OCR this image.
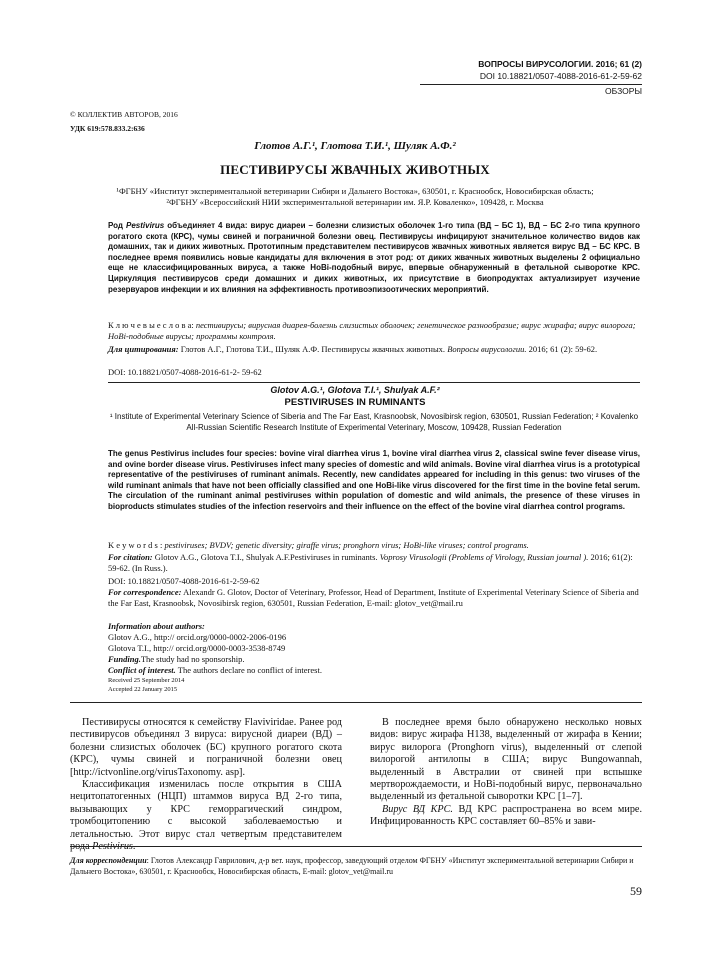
ВОПРОСЫ ВИРУСОЛОГИИ. 2016; 61 (2)
DOI 10.18821/0507-4088-2016-61-2-59-62
ОБЗОРЫ
© КОЛЛЕКТИВ АВТОРОВ, 2016
УДК 619:578.833.2:636
Глотов А.Г.¹, Глотова Т.И.¹, Шуляк А.Ф.²
ПЕСТИВИРУСЫ ЖВАЧНЫХ ЖИВОТНЫХ
¹ФГБНУ «Институт экспериментальной ветеринарии Сибири и Дальнего Востока», 630501, г. Краснообск, Новосибирская область;
²ФГБНУ «Всероссийский НИИ экспериментальной ветеринарии им. Я.Р. Коваленко», 109428, г. Москва
Род Pestivirus объединяет 4 вида: вирус диареи – болезни слизистых оболочек 1-го типа (ВД – БС 1), ВД – БС 2-го типа крупного рогатого скота (КРС), чумы свиней и пограничной болезни овец. Пестивирусы инфицируют значительное количество видов как домашних, так и диких животных. Прототипным представителем пестивирусов жвачных животных является вирус ВД – БС КРС. В последнее время появились новые кандидаты для включения в этот род: от диких жвачных животных выделены 2 официально еще не классифицированных вируса, а также HoBi-подобный вирус, впервые обнаруженный в фетальной сыворотке КРС. Циркуляция пестивирусов среди домашних и диких животных, их присутствие в биопродуктах актуализирует изучение резервуаров инфекции и их влияния на эффективность противоэпизоотических мероприятий.
К л ю ч е в ы е с л о в а: пестивирусы; вирусная диарея-болезнь слизистых оболочек; генетическое разнообразие; вирус жирафа; вирус вилорога; HoBi-подобные вирусы; программы контроля.
Для цитирования: Глотов А.Г., Глотова Т.И., Шуляк А.Ф. Пестивирусы жвачных животных. Вопросы вирусологии. 2016; 61 (2): 59-62.
DOI: 10.18821/0507-4088-2016-61-2- 59-62
Glotov A.G.¹, Glotova T.I.¹, Shulyak A.F.²
PESTIVIRUSES IN RUMINANTS
¹ Institute of Experimental Veterinary Science of Siberia and The Far East, Krasnoobsk, Novosibirsk region, 630501, Russian Federation; ² Kovalenko All-Russian Scientific Research Institute of Experimental Veterinary, Moscow, 109428, Russian Federation
The genus Pestivirus includes four species: bovine viral diarrhea virus 1, bovine viral diarrhea virus 2, classical swine fever disease virus, and ovine border disease virus. Pestiviruses infect many species of domestic and wild animals. Bovine viral diarrhea virus is a prototypical representative of the pestiviruses of ruminant animals. Recently, new candidates appeared for including in this genus: two viruses of the wild ruminant animals that have not been officially classified and one HoBi-like virus discovered for the first time in the bovine fetal serum. The circulation of the ruminant animal pestiviruses within population of domestic and wild animals, the presence of these viruses in bioproducts stimulates studies of the infection reservoirs and their influence on the effect of the bovine viral diarrhea control programs.
K e y w o r d s : pestiviruses; BVDV; genetic diversity; giraffe virus; pronghorn virus; HoBi-like viruses; control programs.
For citation: Glotov A.G., Glotova T.I., Shulyak A.F.Pestiviruses in ruminants. Voprosy Virusologii (Problems of Virology, Russian journal ). 2016; 61(2): 59-62. (In Russ.).
DOI: 10.18821/0507-4088-2016-61-2-59-62
For correspondence: Alexandr G. Glotov, Doctor of Veterinary, Professor, Head of Department, Institute of Experimental Veterinary Science of Siberia and the Far East, Krasnoobsk, Novosibirsk region, 630501, Russian Federation, E-mail: glotov_vet@mail.ru
Information about authors:
Glotov A.G., http:// orcid.org/0000-0002-2006-0196
Glotova T.I., http:// orcid.org/0000-0003-3538-8749
Funding.The study had no sponsorship.
Conflict of interest. The authors declare no conflict of interest.
Received 25 September 2014
Accepted 22 January 2015

Пестивирусы относятся к семейству Flaviviridae. Ранее род пестивирусов объединял 3 вируса: вирусной диареи (ВД) – болезни слизистых оболочек (БС) крупного рогатого скота (КРС), чумы свиней и пограничной болезни овец [http://ictvonline.org/virusTaxonomy. asp].

Классификация изменилась после открытия в США нецитопатогенных (НЦП) штаммов вируса ВД 2-го типа, вызывающих у КРС геморрагический синдром, тромбоцитопению с высокой заболеваемостью и летальностью. Этот вирус стал четвертым представителем рода Pestivirus.

В последнее время было обнаружено несколько новых видов: вирус жирафа H138, выделенный от жирафа в Кении; вирус вилорога (Pronghorn virus), выделенный от слепой вилорогой антилопы в США; вирус Bungowannah, выделенный в Австралии от свиней при вспышке мертворождаемости, и HoBi-подобный вирус, первоначально выделенный из фетальной сыворотки КРС [1–7].

Вирус ВД КРС. ВД КРС распространена во всем мире. Инфицированность КРС составляет 60–85% и зави-

Для корреспонденции: Глотов Александр Гаврилович, д-р вет. наук, профессор, заведующий отделом ФГБНУ «Институт экспериментальной ветеринарии Сибири и Дальнего Востока», 630501, г. Краснообск, Новосибирская область, E-mail: glotov_vet@mail.ru
59
